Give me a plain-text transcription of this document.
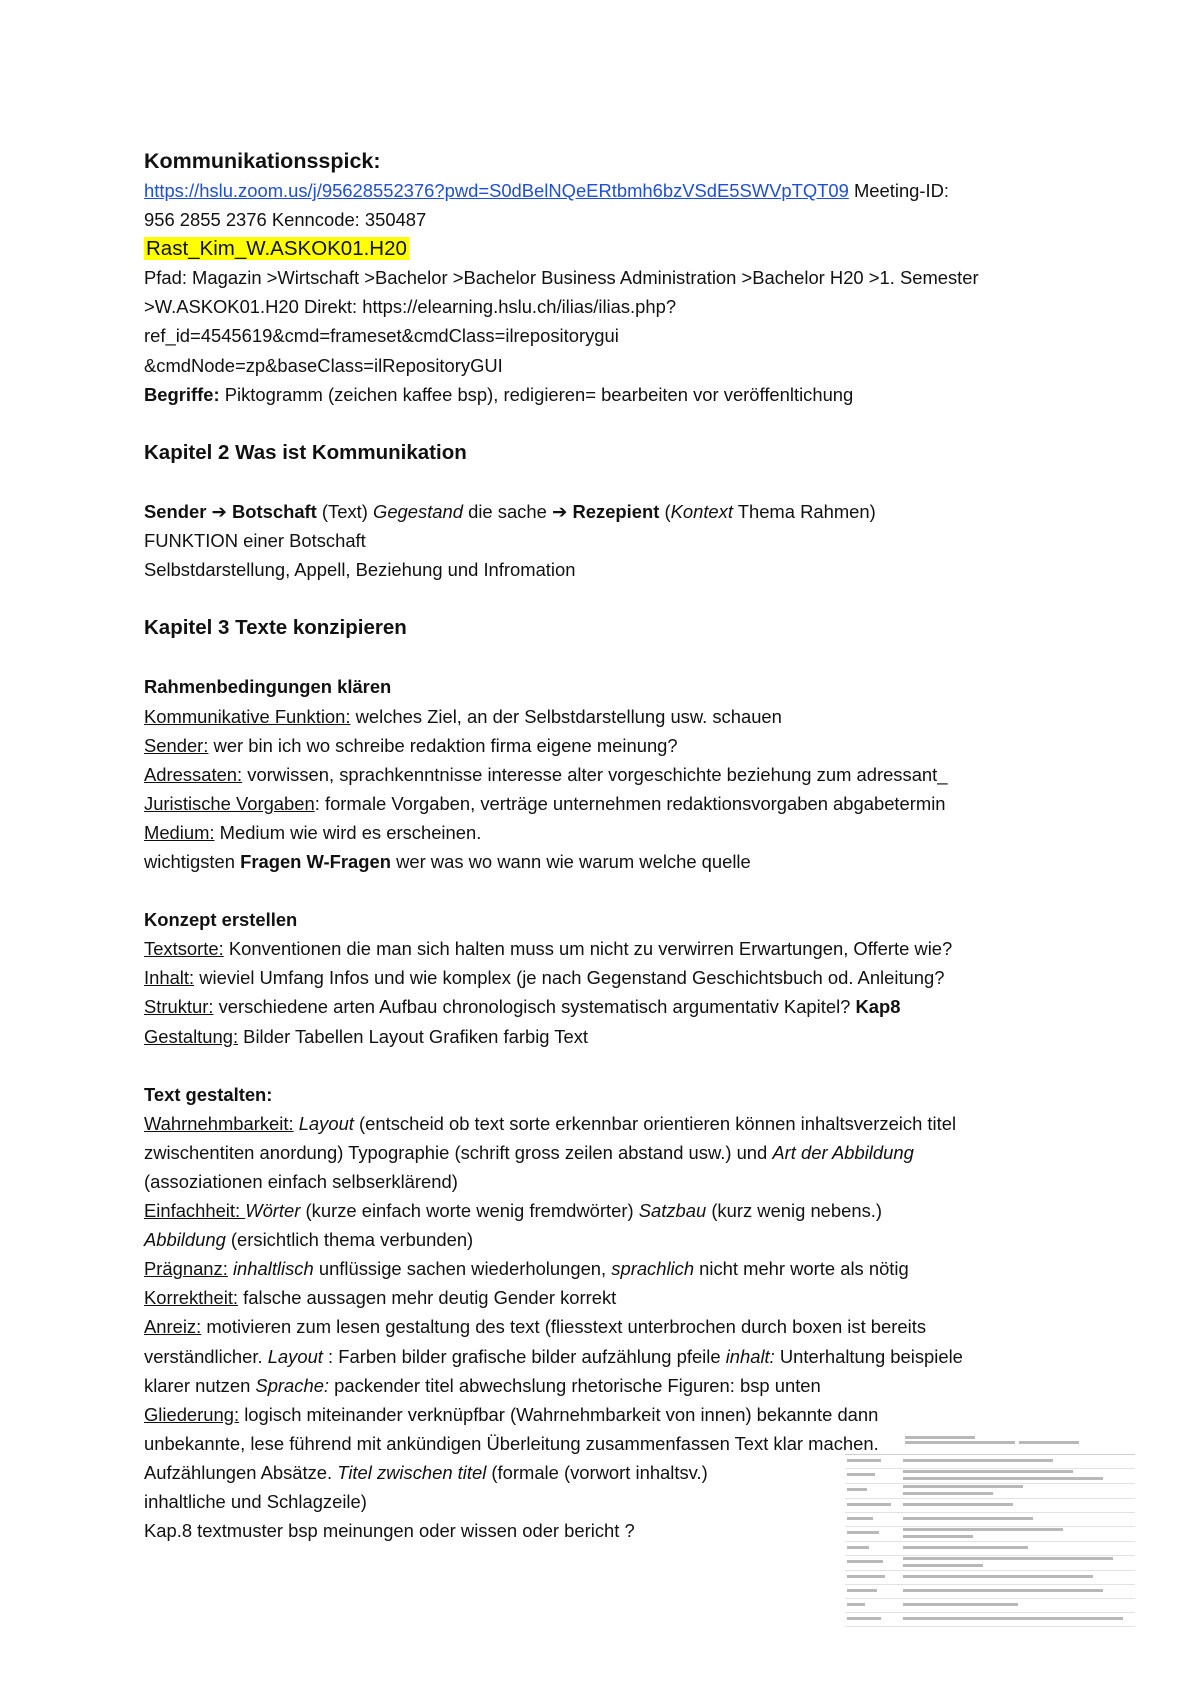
Kommunikationsspick:
https://hslu.zoom.us/j/95628552376?pwd=S0dBelNQeERtbmh6bzVSdE5SWVpTQT09 Meeting-ID:
956 2855 2376 Kenncode: 350487
Rast_Kim_W.ASKOK01.H20
Pfad: Magazin >Wirtschaft >Bachelor >Bachelor Business Administration >Bachelor H20 >1. Semester
>W.ASKOK01.H20 Direkt: https://elearning.hslu.ch/ilias/ilias.php?
ref_id=4545619&cmd=frameset&cmdClass=ilrepositorygui
&cmdNode=zp&baseClass=ilRepositoryGUI
Begriffe: Piktogramm (zeichen kaffee bsp), redigieren= bearbeiten vor veröffenltichung
Kapitel 2 Was ist Kommunikation
Sender ➔ Botschaft (Text) Gegestand die sache ➔ Rezepient (Kontext Thema Rahmen)
FUNKTION einer Botschaft
Selbstdarstellung, Appell, Beziehung und Infromation
Kapitel 3 Texte konzipieren
Rahmenbedingungen klären
Kommunikative Funktion: welches Ziel, an der Selbstdarstellung usw. schauen
Sender: wer bin ich wo schreibe redaktion firma eigene meinung?
Adressaten: vorwissen, sprachkenntnisse interesse alter vorgeschichte beziehung zum adressant_
Juristische Vorgaben: formale Vorgaben, verträge unternehmen redaktionsvorgaben abgabetermin
Medium: Medium wie wird es erscheinen.
wichtigsten Fragen W-Fragen wer was wo wann wie warum welche quelle
Konzept erstellen
Textsorte: Konventionen die man sich halten muss um nicht zu verwirren Erwartungen, Offerte wie?
Inhalt: wieviel Umfang Infos und wie komplex (je nach Gegenstand Geschichtsbuch od. Anleitung?
Struktur: verschiedene arten Aufbau chronologisch systematisch argumentativ Kapitel? Kap8
Gestaltung: Bilder Tabellen Layout Grafiken farbig Text
Text gestalten:
Wahrnehmbarkeit: Layout (entscheid ob text sorte erkennbar orientieren können inhaltsverzeich titel
zwischentiten anordung) Typographie (schrift gross zeilen abstand usw.) und Art der Abbildung
(assoziationen einfach selbserklärend)
Einfachheit: Wörter (kurze einfach worte wenig fremdwörter) Satzbau (kurz wenig nebens.)
Abbildung (ersichtlich thema verbunden)
Prägnanz: inhaltlisch unflüssige sachen wiederholungen, sprachlich nicht mehr worte als nötig
Korrektheit: falsche aussagen mehr deutig Gender korrekt
Anreiz: motivieren zum lesen gestaltung des text (fliesstext unterbrochen durch boxen ist bereits
verständlicher. Layout : Farben bilder grafische bilder aufzählung pfeile inhalt: Unterhaltung beispiele
klarer nutzen Sprache: packender titel abwechslung rhetorische Figuren: bsp unten
Gliederung: logisch miteinander verknüpfbar (Wahrnehmbarkeit von innen) bekannte dann
unbekannte, lese führend mit ankündigen Überleitung zusammenfassen Text klar machen.
Aufzählungen Absätze. Titel zwischen titel (formale (vorwort inhaltsv.)
inhaltliche und Schlagzeile)
Kap.8 textmuster bsp meinungen oder wissen oder bericht ?
